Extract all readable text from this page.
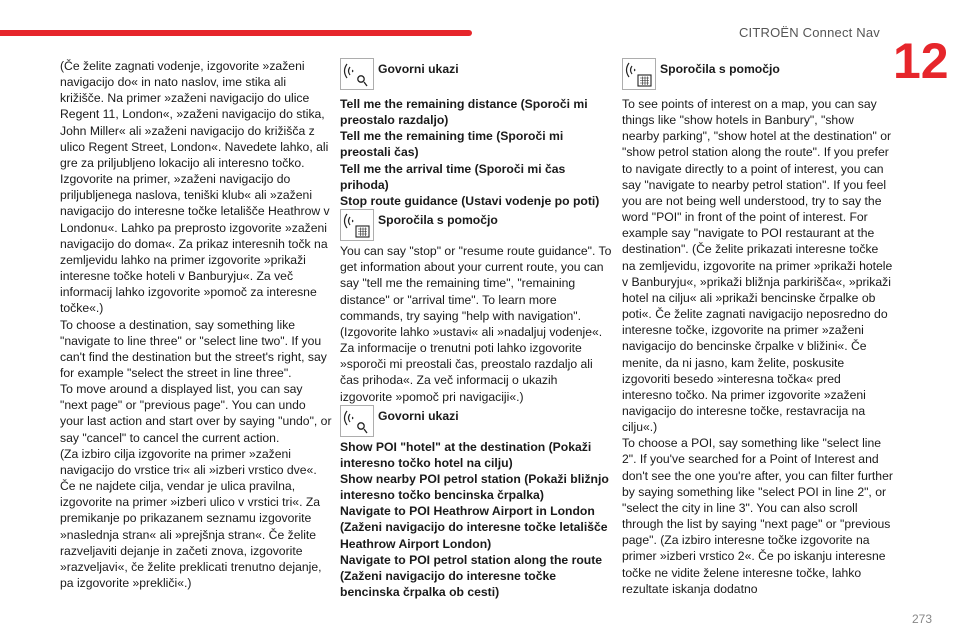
CITROËN Connect Nav
12
273

(Če želite zagnati vodenje, izgovorite »zaženi navigacijo do« in nato naslov, ime stika ali križišče. Na primer »zaženi navigacijo do ulice Regent 11, London«, »zaženi navigacijo do stika, John Miller« ali »zaženi navigacijo do križišča z ulico Regent Street, London«. Navedete lahko, ali gre za priljubljeno lokacijo ali interesno točko. Izgovorite na primer, »zaženi navigacijo do priljubljenega naslova, teniški klub« ali »zaženi navigacijo do interesne točke letališče Heathrow v Londonu«. Lahko pa preprosto izgovorite »zaženi navigacijo do doma«. Za prikaz interesnih točk na zemljevidu lahko na primer izgovorite »prikaži interesne točke hoteli v Banburyju«. Za več informacij lahko izgovorite »pomoč za interesne točke«.)

To choose a destination, say something like "navigate to line three" or "select line two". If you can't find the destination but the street's right, say for example "select the street in line three".

To move around a displayed list, you can say "next page" or "previous page". You can undo your last action and start over by saying "undo", or say "cancel" to cancel the current action.

(Za izbiro cilja izgovorite na primer »zaženi navigacijo do vrstice tri« ali »izberi vrstico dve«. Če ne najdete cilja, vendar je ulica pravilna, izgovorite na primer »izberi ulico v vrstici tri«. Za premikanje po prikazanem seznamu izgovorite »naslednja stran« ali »prejšnja stran«. Če želite razveljaviti dejanje in začeti znova, izgovorite »razveljavi«, če želite preklicati trenutno dejanje, pa izgovorite »prekliči«.)

Govorni ukazi

Tell me the remaining distance (Sporoči mi preostalo razdaljo)

Tell me the remaining time (Sporoči mi preostali čas)

Tell me the arrival time (Sporoči mi čas prihoda)

Stop route guidance (Ustavi vodenje po poti)

Sporočila s pomočjo

You can say "stop" or "resume route guidance". To get information about your current route, you can say "tell me the remaining time", "remaining distance" or "arrival time". To learn more commands, try saying "help with navigation".

(Izgovorite lahko »ustavi« ali »nadaljuj vodenje«. Za informacije o trenutni poti lahko izgovorite »sporoči mi preostali čas, preostalo razdaljo ali čas prihoda«. Za več informacij o ukazih izgovorite »pomoč pri navigaciji«.)

Govorni ukazi

Show POI "hotel" at the destination (Pokaži interesno točko hotel na cilju)

Show nearby POI petrol station (Pokaži bližnjo interesno točko bencinska črpalka)

Navigate to POI Heathrow Airport in London (Zaženi navigacijo do interesne točke letališče Heathrow Airport London)

Navigate to POI petrol station along the route (Zaženi navigacijo do interesne točke bencinska črpalka ob cesti)

Sporočila s pomočjo

To see points of interest on a map, you can say things like "show hotels in Banbury", "show nearby parking", "show hotel at the destination" or "show petrol station along the route". If you prefer to navigate directly to a point of interest, you can say "navigate to nearby petrol station". If you feel you are not being well understood, try to say the word "POI" in front of the point of interest. For example say "navigate to POI restaurant at the destination". (Če želite prikazati interesne točke na zemljevidu, izgovorite na primer »prikaži hotele v Banburyju«, »prikaži bližnja parkirišča«, »prikaži hotel na cilju« ali »prikaži bencinske črpalke ob poti«. Če želite zagnati navigacijo neposredno do interesne točke, izgovorite na primer »zaženi navigacijo do bencinske črpalke v bližini«. Če menite, da ni jasno, kam želite, poskusite izgovoriti besedo »interesna točka« pred interesno točko. Na primer izgovorite »zaženi navigacijo do interesne točke, restavracija na cilju«.)

To choose a POI, say something like "select line 2". If you've searched for a Point of Interest and don't see the one you're after, you can filter further by saying something like "select POI in line 2", or "select the city in line 3". You can also scroll through the list by saying "next page" or "previous page". (Za izbiro interesne točke izgovorite na primer »izberi vrstico 2«. Če po iskanju interesne točke ne vidite želene interesne točke, lahko rezultate iskanja dodatno
